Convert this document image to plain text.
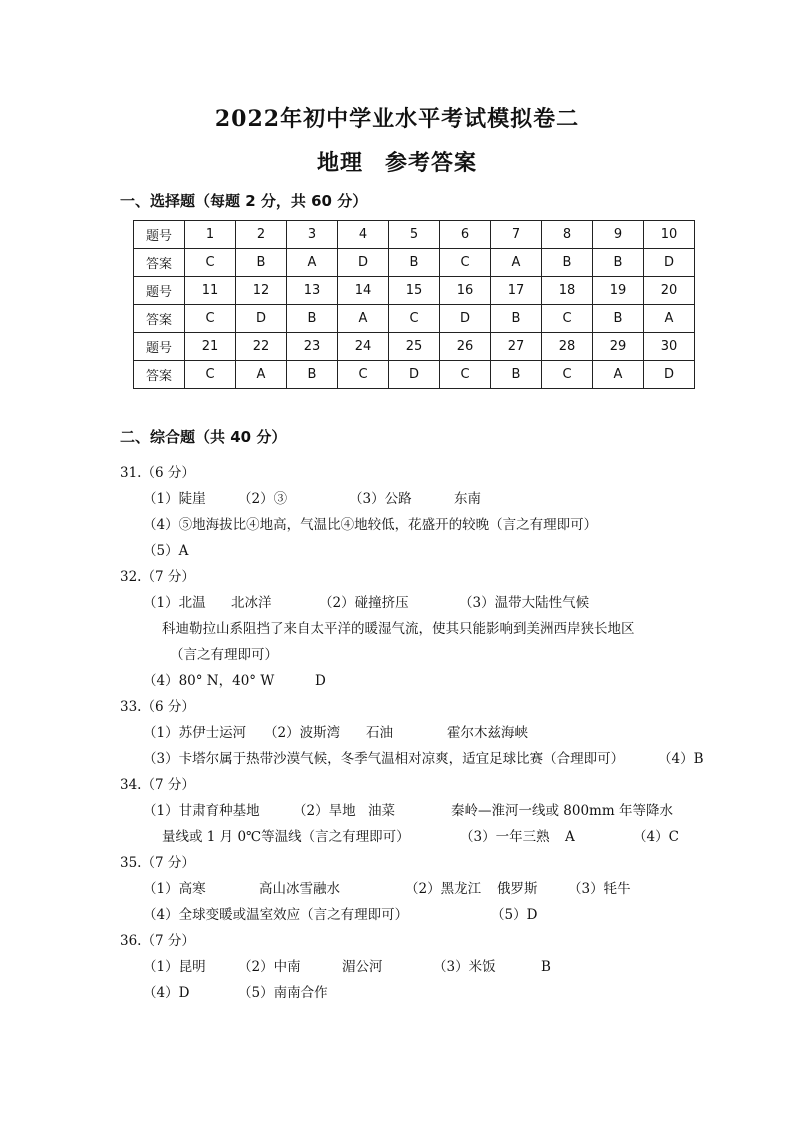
2022年初中学业水平考试模拟卷二
地理 参考答案
一、选择题（每题 2 分，共 60 分）
题号	1	2	3	4	5	6	7	8	9	10
答案	C	B	A	D	B	C	A	B	B	D
题号	11	12	13	14	15	16	17	18	19	20
答案	C	D	B	A	C	D	B	C	B	A
题号	21	22	23	24	25	26	27	28	29	30
答案	C	A	B	C	D	C	B	C	A	D
二、综合题（共 40 分）
31.（6 分）
（1）陡崖 （2）③	（3）公路	东南
（4）⑤地海拔比④地高，气温比④地较低，花盛开的较晚（言之有理即可）
（5）A
32.（7 分）
（1）北温 北冰洋	（2）碰撞挤压	（3）温带大陆性气候
科迪勒拉山系阻挡了来自太平洋的暖湿气流，使其只能影响到美洲西岸狭长地区
（言之有理即可）
（4）80° N，40° W	D
33.（6 分）
（1）苏伊士运河 （2）波斯湾 石油	霍尔木兹海峡
（3）卡塔尔属于热带沙漠气候，冬季气温相对凉爽，适宜足球比赛（合理即可）	（4）B
34.（7 分）
（1）甘肃育种基地 （2）旱地 油菜	秦岭—淮河一线或 800mm 年等降水
量线或 1 月 0℃等温线（言之有理即可）	（3）一年三熟 A	（4）C
35.（7 分）
（1）高寒	高山冰雪融水	（2）黑龙江 俄罗斯 （3）牦牛
（4）全球变暖或温室效应（言之有理即可）	（5）D
36.（7 分）
（1）昆明 （2）中南	湄公河	（3）米饭	B
（4）D	（5）南南合作
